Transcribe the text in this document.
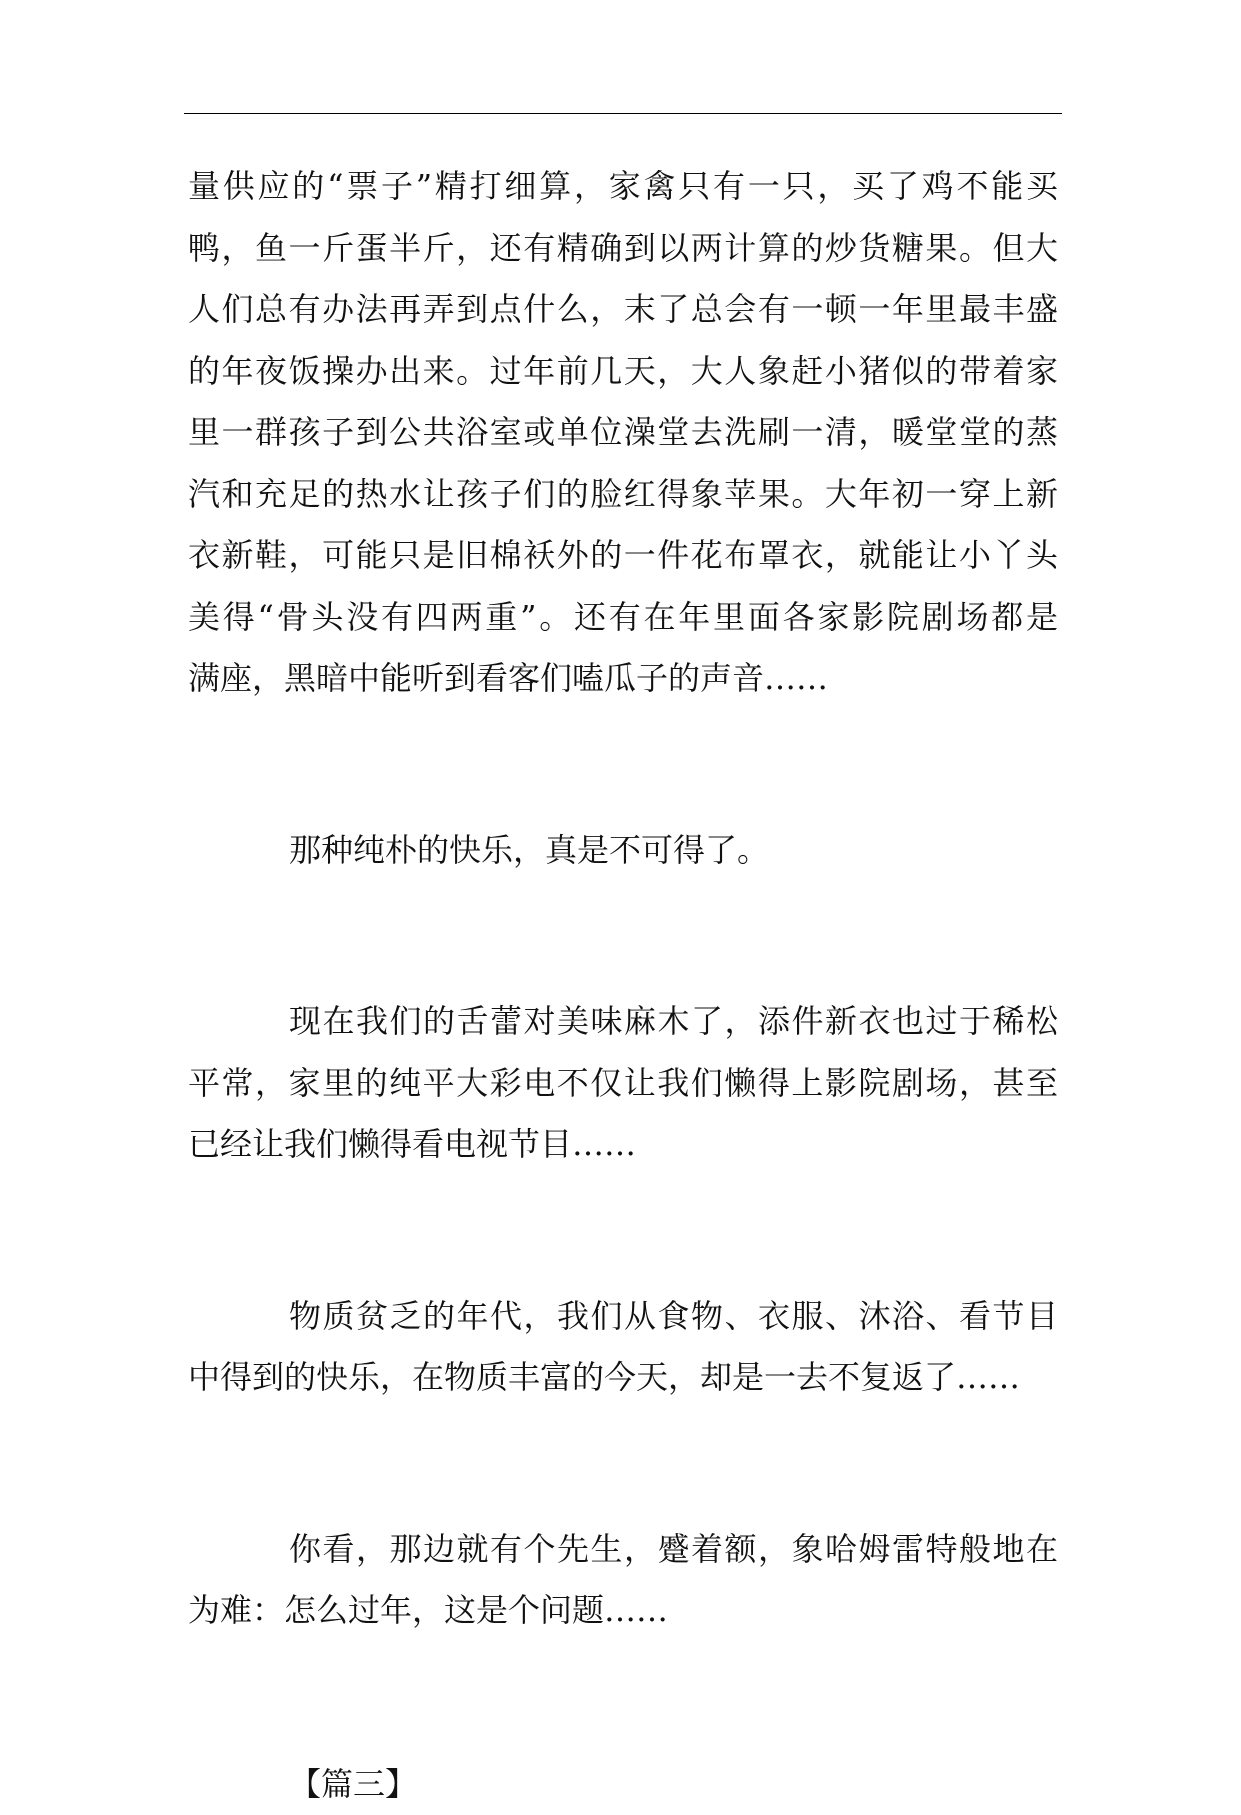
量供应的“票子”精打细算，家禽只有一只，买了鸡不能买
鸭，鱼一斤蛋半斤，还有精确到以两计算的炒货糖果。但大
人们总有办法再弄到点什么，末了总会有一顿一年里最丰盛
的年夜饭操办出来。过年前几天，大人象赶小猪似的带着家
里一群孩子到公共浴室或单位澡堂去洗刷一清，暖堂堂的蒸
汽和充足的热水让孩子们的脸红得象苹果。大年初一穿上新
衣新鞋，可能只是旧棉袄外的一件花布罩衣，就能让小丫头
美得“骨头没有四两重”。还有在年里面各家影院剧场都是
满座，黑暗中能听到看客们嗑瓜子的声音……
那种纯朴的快乐，真是不可得了。
现在我们的舌蕾对美味麻木了，添件新衣也过于稀松
平常，家里的纯平大彩电不仅让我们懒得上影院剧场，甚至
已经让我们懒得看电视节目……
物质贫乏的年代，我们从食物、衣服、沐浴、看节目
中得到的快乐，在物质丰富的今天，却是一去不复返了……
你看，那边就有个先生，蹙着额，象哈姆雷特般地在
为难：怎么过年，这是个问题……
【篇三】
